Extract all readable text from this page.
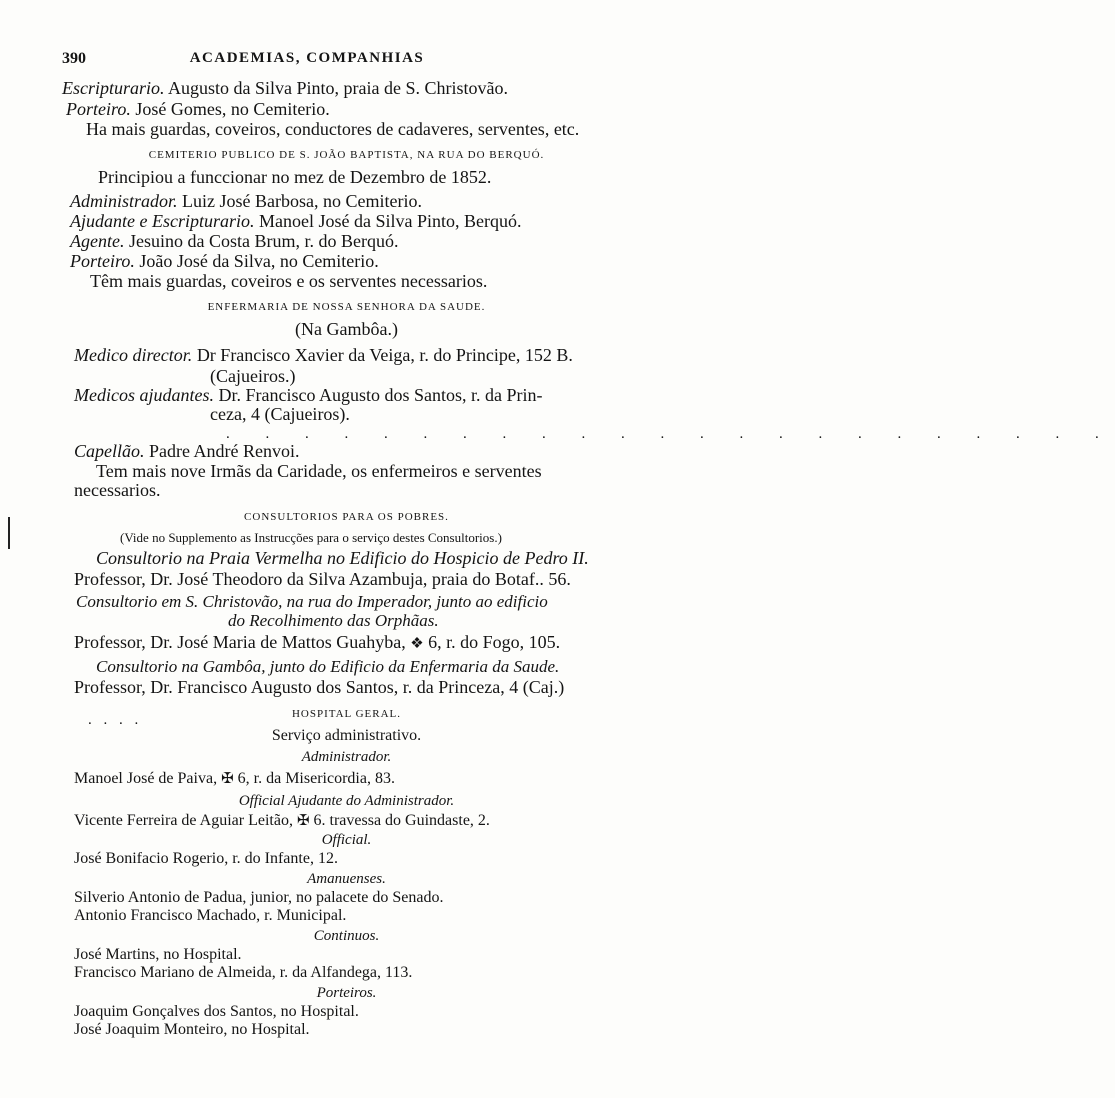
390	ACADEMIAS, COMPANHIAS
Escripturario. Augusto da Silva Pinto, praia de S. Christovão.
Porteiro. José Gomes, no Cemiterio.
Ha mais guardas, coveiros, conductores de cadaveres, serventes, etc.
CEMITERIO PUBLICO DE S. JOÃO BAPTISTA, NA RUA DO BERQUÓ.
Principiou a funccionar no mez de Dezembro de 1852.
Administrador. Luiz José Barbosa, no Cemiterio.
Ajudante e Escripturario. Manoel José da Silva Pinto, Berquó.
Agente. Jesuino da Costa Brum, r. do Berquó.
Porteiro. João José da Silva, no Cemiterio.
Têm mais guardas, coveiros e os serventes necessarios.
ENFERMARIA DE NOSSA SENHORA DA SAUDE.
(Na Gambôa.)
Medico director. Dr Francisco Xavier da Veiga, r. do Principe, 152 B.
(Cajueiros.)
Medicos ajudantes. Dr. Francisco Augusto dos Santos, r. da Prin-
ceza, 4 (Cajueiros).
. . . . . . . . . . . . . . . . . . . . . . .
Capellão. Padre André Renvoi.
Tem mais nove Irmãs da Caridade, os enfermeiros e serventes
necessarios.
CONSULTORIOS PARA OS POBRES.
(Vide no Supplemento as Instrucções para o serviço destes Consultorios.)
Consultorio na Praia Vermelha no Edificio do Hospicio de Pedro II.
Professor, Dr. José Theodoro da Silva Azambuja, praia do Botaf.. 56.
Consultorio em S. Christovão, na rua do Imperador, junto ao edificio
do Recolhimento das Orphãas.
Professor, Dr. José Maria de Mattos Guahyba, ❖ 6, r. do Fogo, 105.
Consultorio na Gambôa, junto do Edificio da Enfermaria da Saude.
Professor, Dr. Francisco Augusto dos Santos, r. da Princeza, 4 (Caj.)
. . . .	HOSPITAL GERAL.
Serviço administrativo.
Administrador.
Manoel José de Paiva, ✠ 6, r. da Misericordia, 83.
Official Ajudante do Administrador.
Vicente Ferreira de Aguiar Leitão, ✠ 6. travessa do Guindaste, 2.
Official.
José Bonifacio Rogerio, r. do Infante, 12.
Amanuenses.
Silverio Antonio de Padua, junior, no palacete do Senado.
Antonio Francisco Machado, r. Municipal.
Continuos.
José Martins, no Hospital.
Francisco Mariano de Almeida, r. da Alfandega, 113.
Porteiros.
Joaquim Gonçalves dos Santos, no Hospital.
José Joaquim Monteiro, no Hospital.
